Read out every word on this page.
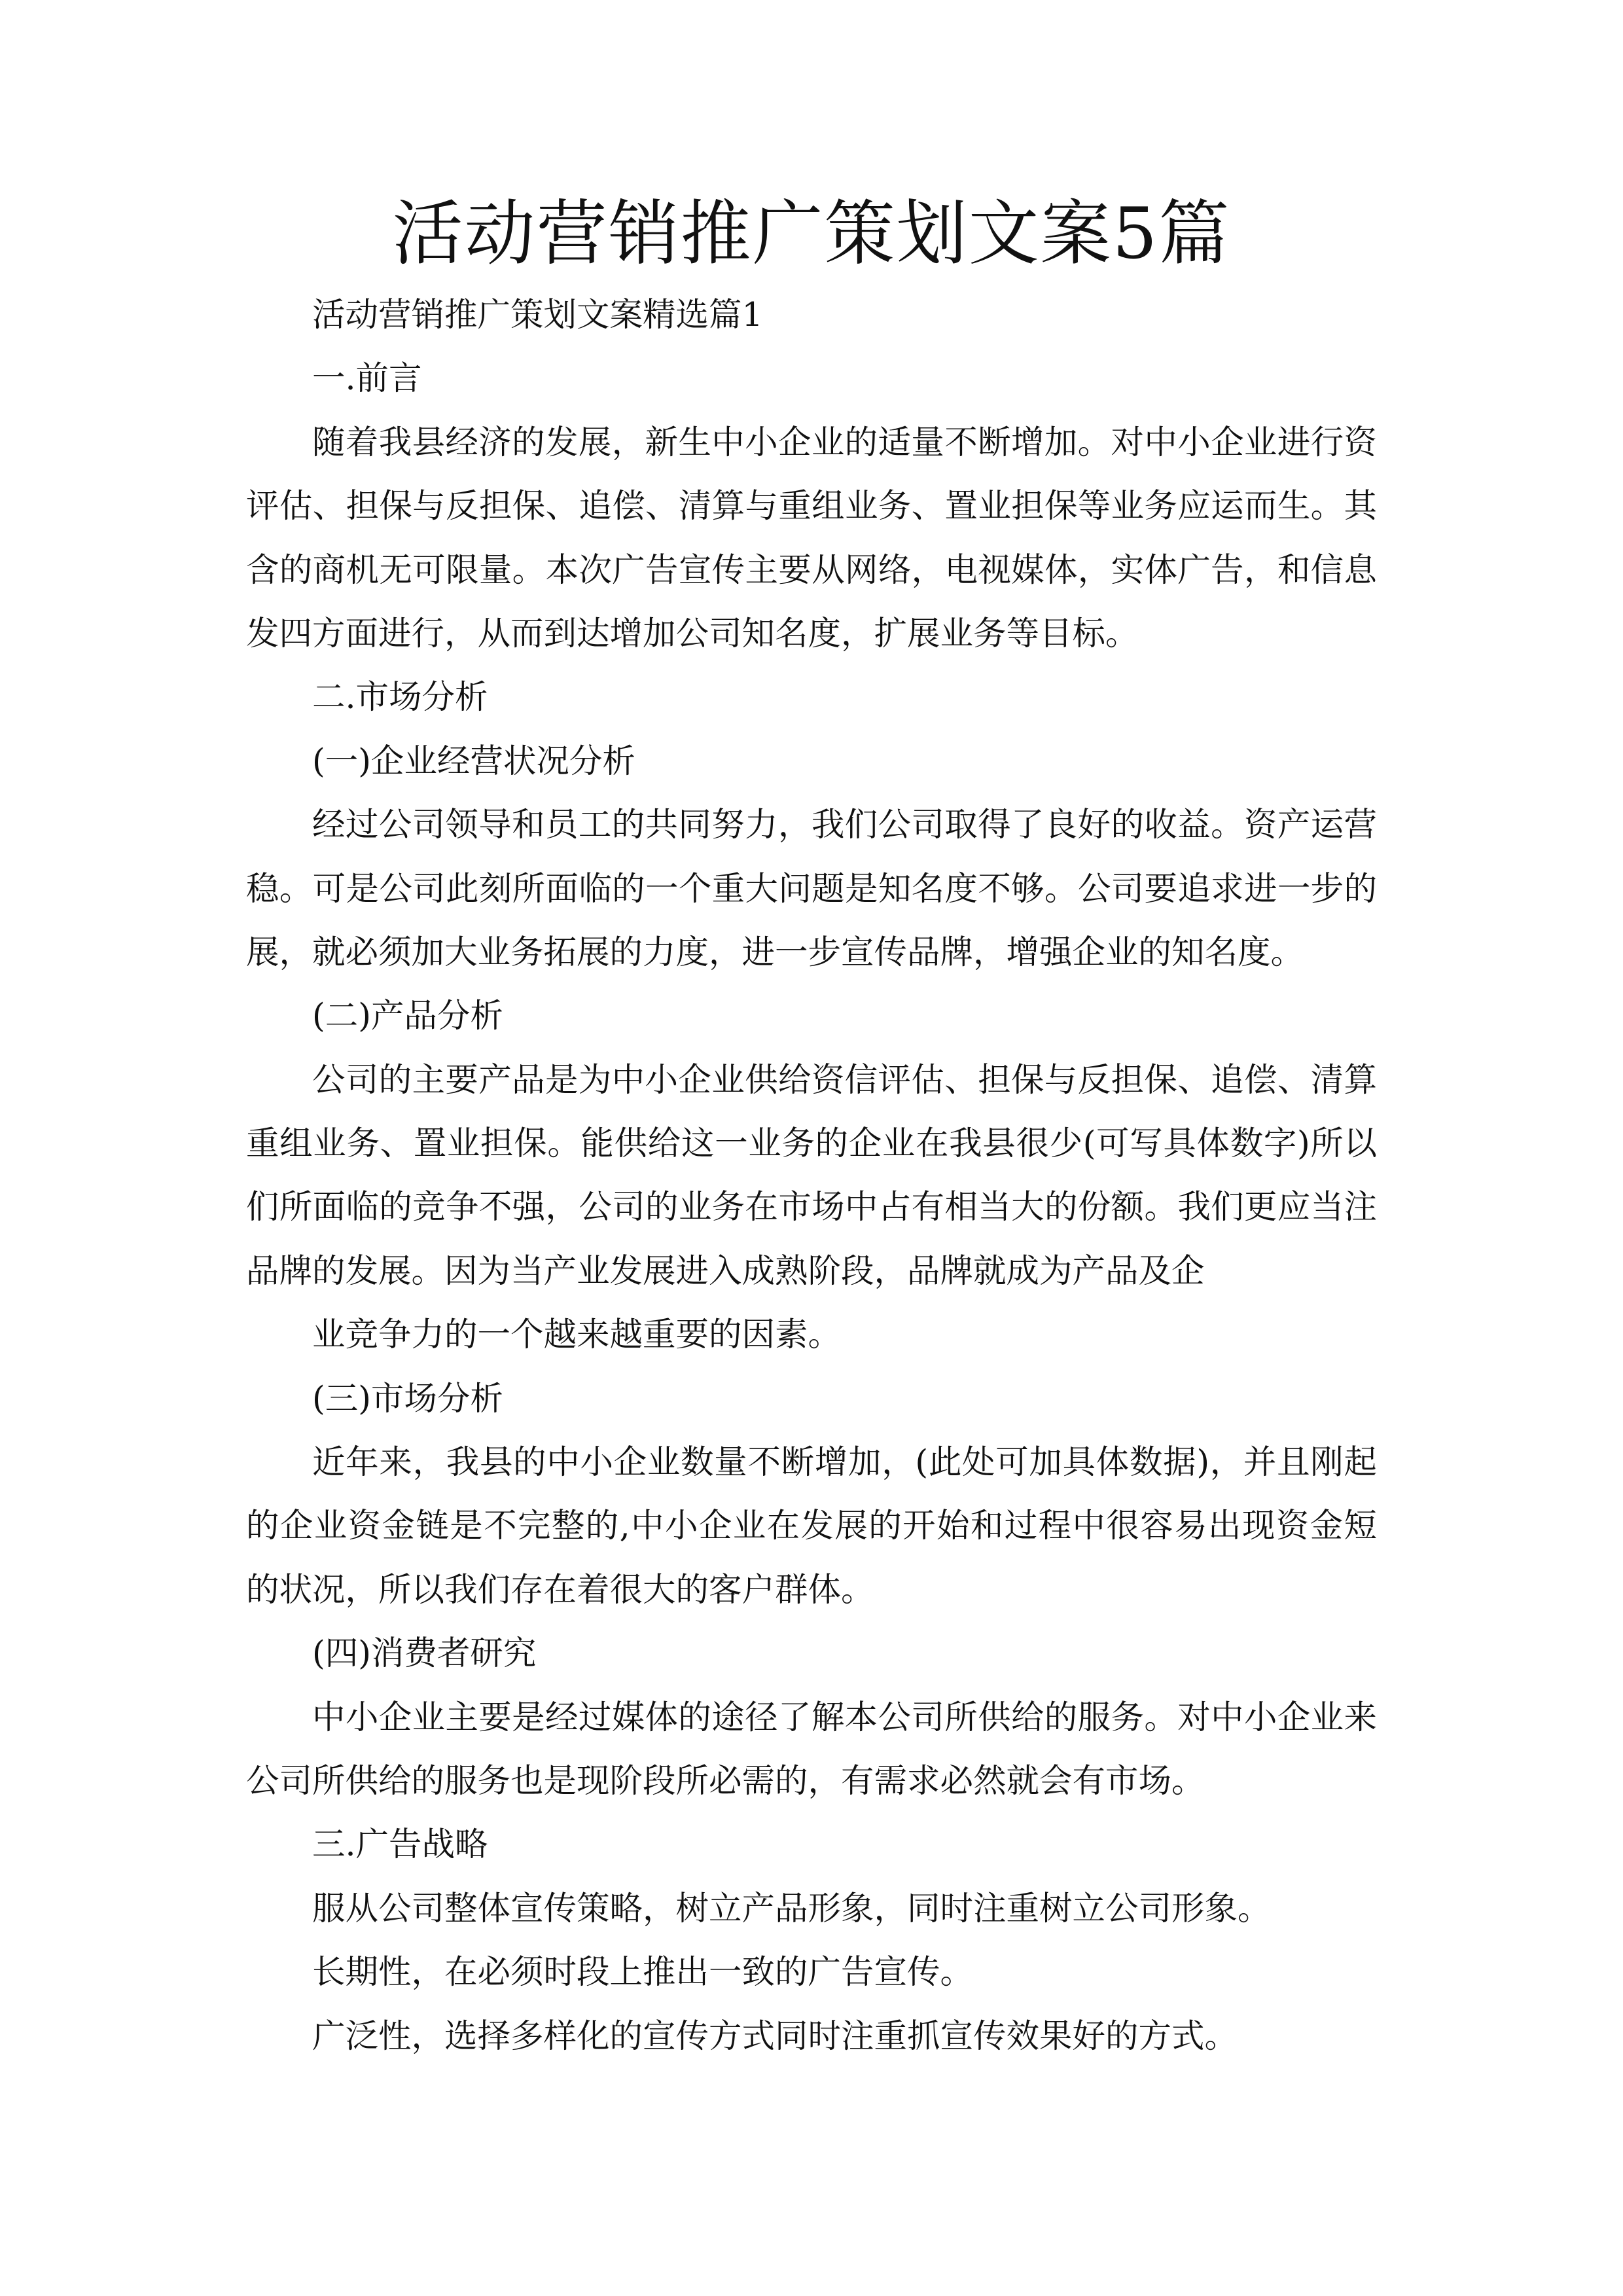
活动营销推广策划文案5篇
活动营销推广策划文案精选篇1
一.前言
随着我县经济的发展，新生中小企业的适量不断增加。对中小企业进行资
评估、担保与反担保、追偿、清算与重组业务、置业担保等业务应运而生。其
含的商机无可限量。本次广告宣传主要从网络，电视媒体，实体广告，和信息
发四方面进行，从而到达增加公司知名度，扩展业务等目标。
二.市场分析
(一)企业经营状况分析
经过公司领导和员工的共同努力，我们公司取得了良好的收益。资产运营
稳。可是公司此刻所面临的一个重大问题是知名度不够。公司要追求进一步的
展，就必须加大业务拓展的力度，进一步宣传品牌，增强企业的知名度。
(二)产品分析
公司的主要产品是为中小企业供给资信评估、担保与反担保、追偿、清算
重组业务、置业担保。能供给这一业务的企业在我县很少(可写具体数字)所以
们所面临的竞争不强，公司的业务在市场中占有相当大的份额。我们更应当注
品牌的发展。因为当产业发展进入成熟阶段，品牌就成为产品及企
业竞争力的一个越来越重要的因素。
(三)市场分析
近年来，我县的中小企业数量不断增加，(此处可加具体数据)，并且刚起
的企业资金链是不完整的,中小企业在发展的开始和过程中很容易出现资金短
的状况，所以我们存在着很大的客户群体。
(四)消费者研究
中小企业主要是经过媒体的途径了解本公司所供给的服务。对中小企业来
公司所供给的服务也是现阶段所必需的，有需求必然就会有市场。
三.广告战略
服从公司整体宣传策略，树立产品形象，同时注重树立公司形象。
长期性，在必须时段上推出一致的广告宣传。
广泛性，选择多样化的宣传方式同时注重抓宣传效果好的方式。
